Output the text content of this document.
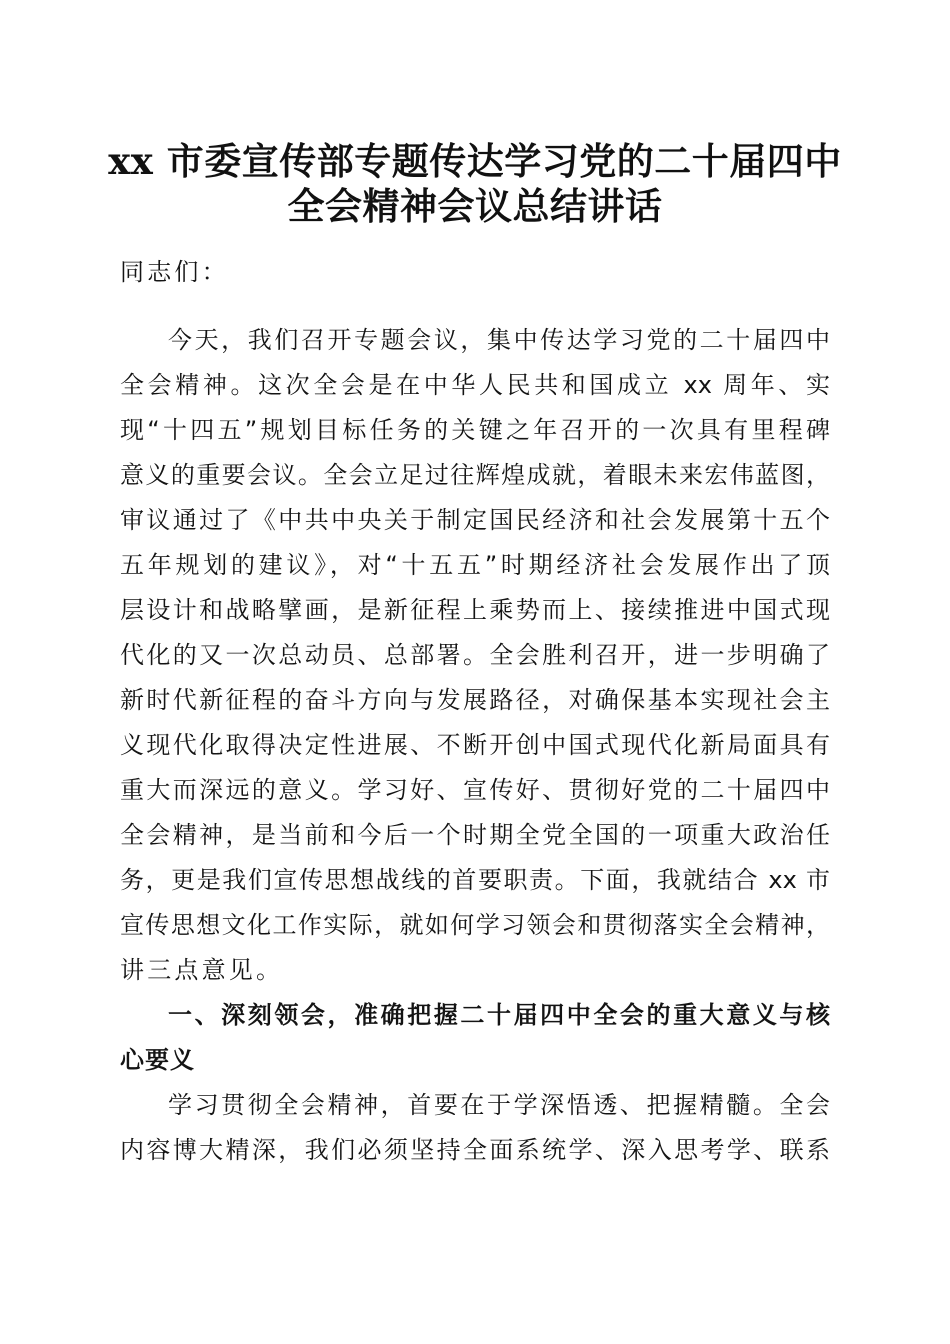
xx 市委宣传部专题传达学习党的二十届四中
全会精神会议总结讲话
同志们：
今天，我们召开专题会议，集中传达学习党的二十届四中
全会精神。这次全会是在中华人民共和国成立 xx 周年、实
现“十四五”规划目标任务的关键之年召开的一次具有里程碑
意义的重要会议。全会立足过往辉煌成就，着眼未来宏伟蓝图，
审议通过了《中共中央关于制定国民经济和社会发展第十五个
五年规划的建议》，对“十五五”时期经济社会发展作出了顶
层设计和战略擘画，是新征程上乘势而上、接续推进中国式现
代化的又一次总动员、总部署。全会胜利召开，进一步明确了
新时代新征程的奋斗方向与发展路径，对确保基本实现社会主
义现代化取得决定性进展、不断开创中国式现代化新局面具有
重大而深远的意义。学习好、宣传好、贯彻好党的二十届四中
全会精神，是当前和今后一个时期全党全国的一项重大政治任
务，更是我们宣传思想战线的首要职责。下面，我就结合 xx 市
宣传思想文化工作实际，就如何学习领会和贯彻落实全会精神，
讲三点意见。
一、深刻领会，准确把握二十届四中全会的重大意义与核
心要义
学习贯彻全会精神，首要在于学深悟透、把握精髓。全会
内容博大精深，我们必须坚持全面系统学、深入思考学、联系
